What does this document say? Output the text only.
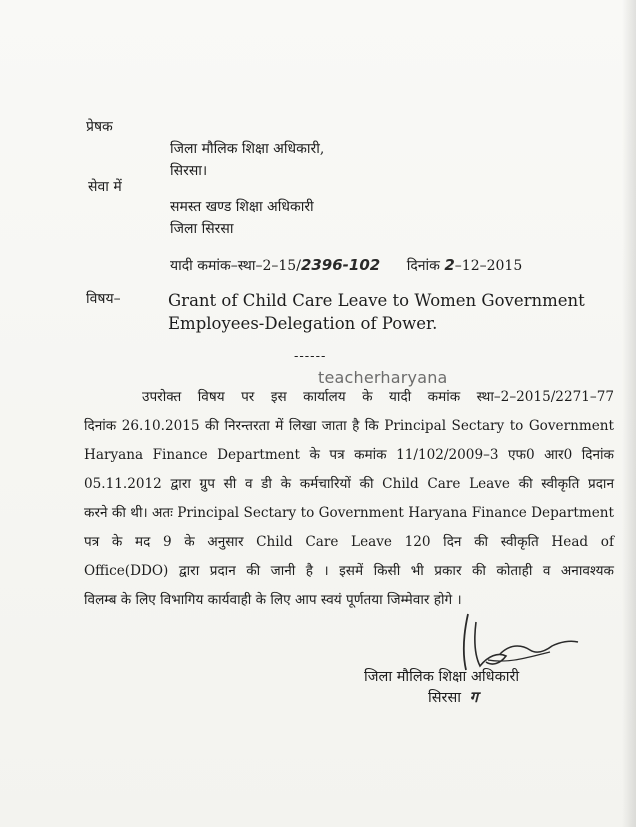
प्रेषक
जिला मौलिक शिक्षा अधिकारी,
सिरसा।
सेवा में
समस्त खण्ड शिक्षा अधिकारी
जिला सिरसा
यादी कमांक–स्था–2–15/2396-102 दिनांक 2–12–2015
विषय–	Grant of Child Care Leave to Women Government
Employees-Delegation of Power.
------
उपरोक्त विषय पर इस कार्यालय के यादी कमांक स्था–2–2015/2271–77
दिनांक 26.10.2015 की निरन्तरता में लिखा जाता है कि Principal Sectary to Government
Haryana Finance Department के पत्र कमांक 11/102/2009–3 एफ0 आर0 दिनांक
05.11.2012 द्वारा ग्रुप सी व डी के कर्मचारियों की Child Care Leave की स्वीकृति प्रदान
करने की थी। अतः Principal Sectary to Government Haryana Finance Department
पत्र के मद 9 के अनुसार Child Care Leave 120 दिन की स्वीकृति Head of
Office(DDO) द्वारा प्रदान की जानी है । इसमें किसी भी प्रकार की कोताही व अनावश्यक
विलम्ब के लिए विभागिय कार्यवाही के लिए आप स्वयं पूर्णतया जिम्मेवार होगे ।
teacherharyana
जिला मौलिक शिक्षा अधिकारी
सिरसा ग
